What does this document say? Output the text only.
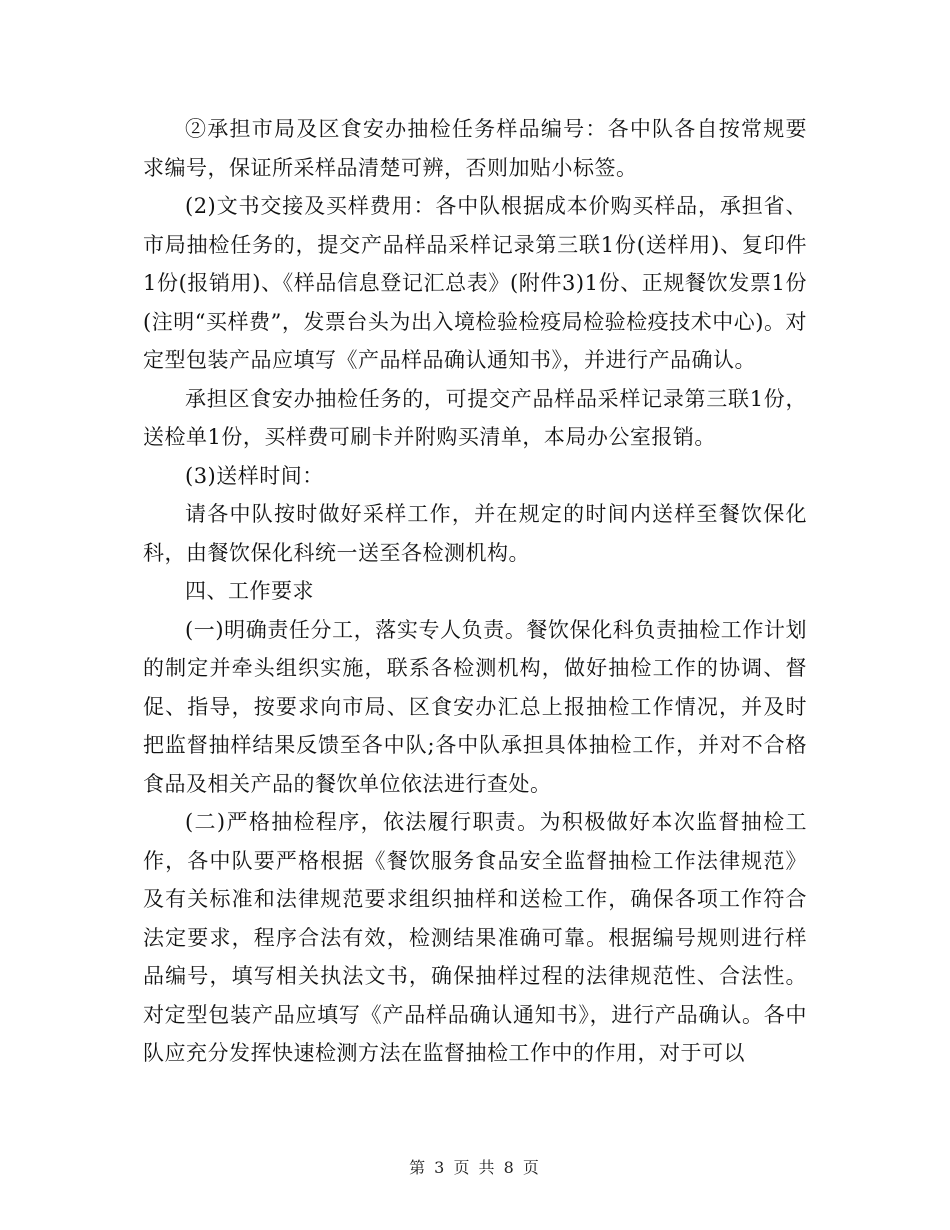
②承担市局及区食安办抽检任务样品编号：各中队各自按常规要求编号，保证所采样品清楚可辨，否则加贴小标签。

(2)文书交接及买样费用：各中队根据成本价购买样品，承担省、市局抽检任务的，提交产品样品采样记录第三联1份(送样用)、复印件1份(报销用)、《样品信息登记汇总表》(附件3)1份、正规餐饮发票1份(注明“买样费”，发票台头为出入境检验检疫局检验检疫技术中心)。对定型包装产品应填写《产品样品确认通知书》，并进行产品确认。

承担区食安办抽检任务的，可提交产品样品采样记录第三联1份，送检单1份，买样费可刷卡并附购买清单，本局办公室报销。

(3)送样时间：

请各中队按时做好采样工作，并在规定的时间内送样至餐饮保化科，由餐饮保化科统一送至各检测机构。

四、工作要求

(一)明确责任分工，落实专人负责。餐饮保化科负责抽检工作计划的制定并牵头组织实施，联系各检测机构，做好抽检工作的协调、督促、指导，按要求向市局、区食安办汇总上报抽检工作情况，并及时把监督抽样结果反馈至各中队;各中队承担具体抽检工作，并对不合格食品及相关产品的餐饮单位依法进行查处。

(二)严格抽检程序，依法履行职责。为积极做好本次监督抽检工作，各中队要严格根据《餐饮服务食品安全监督抽检工作法律规范》及有关标准和法律规范要求组织抽样和送检工作，确保各项工作符合法定要求，程序合法有效，检测结果准确可靠。根据编号规则进行样品编号，填写相关执法文书，确保抽样过程的法律规范性、合法性。对定型包装产品应填写《产品样品确认通知书》，进行产品确认。各中队应充分发挥快速检测方法在监督抽检工作中的作用，对于可以

第 3 页 共 8 页
